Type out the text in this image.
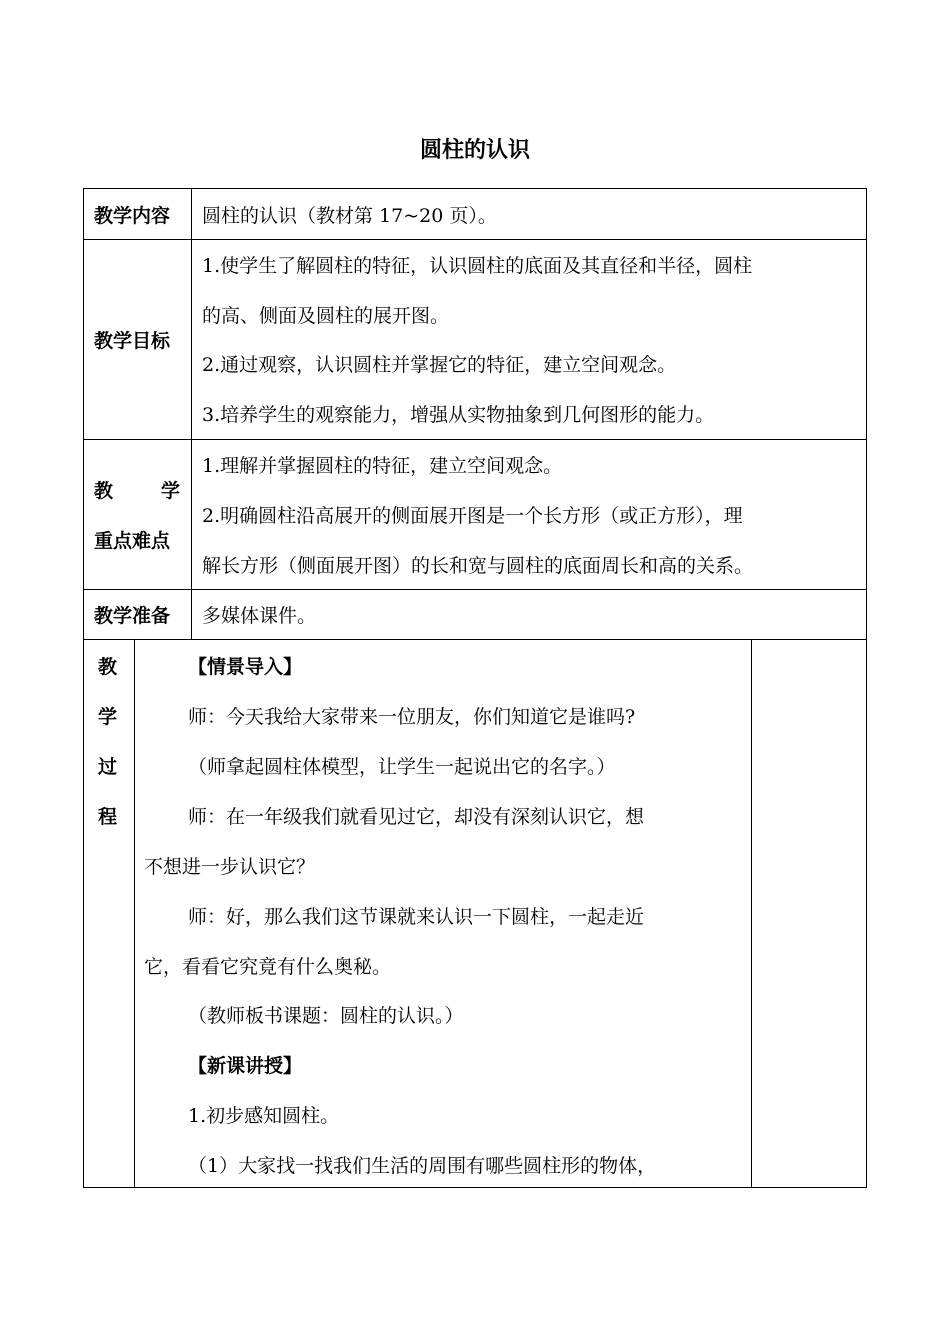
圆柱的认识
教学内容 圆柱的认识（教材第 17~20 页）。
教学目标
1.使学生了解圆柱的特征，认识圆柱的底面及其直径和半径，圆柱
的高、侧面及圆柱的展开图。
2.通过观察，认识圆柱并掌握它的特征，建立空间观念。
3.培养学生的观察能力，增强从实物抽象到几何图形的能力。
教	学
重点难点
1.理解并掌握圆柱的特征，建立空间观念。
2.明确圆柱沿高展开的侧面展开图是一个长方形（或正方形），理
解长方形（侧面展开图）的长和宽与圆柱的底面周长和高的关系。
教学准备 多媒体课件。
教
学
过
程
【情景导入】
师：今天我给大家带来一位朋友，你们知道它是谁吗?
（师拿起圆柱体模型，让学生一起说出它的名字。）
师：在一年级我们就看见过它，却没有深刻认识它，想
不想进一步认识它？
师：好，那么我们这节课就来认识一下圆柱，一起走近
它，看看它究竟有什么奥秘。
（教师板书课题：圆柱的认识。）
【新课讲授】
1.初步感知圆柱。
（1）大家找一找我们生活的周围有哪些圆柱形的物体，
